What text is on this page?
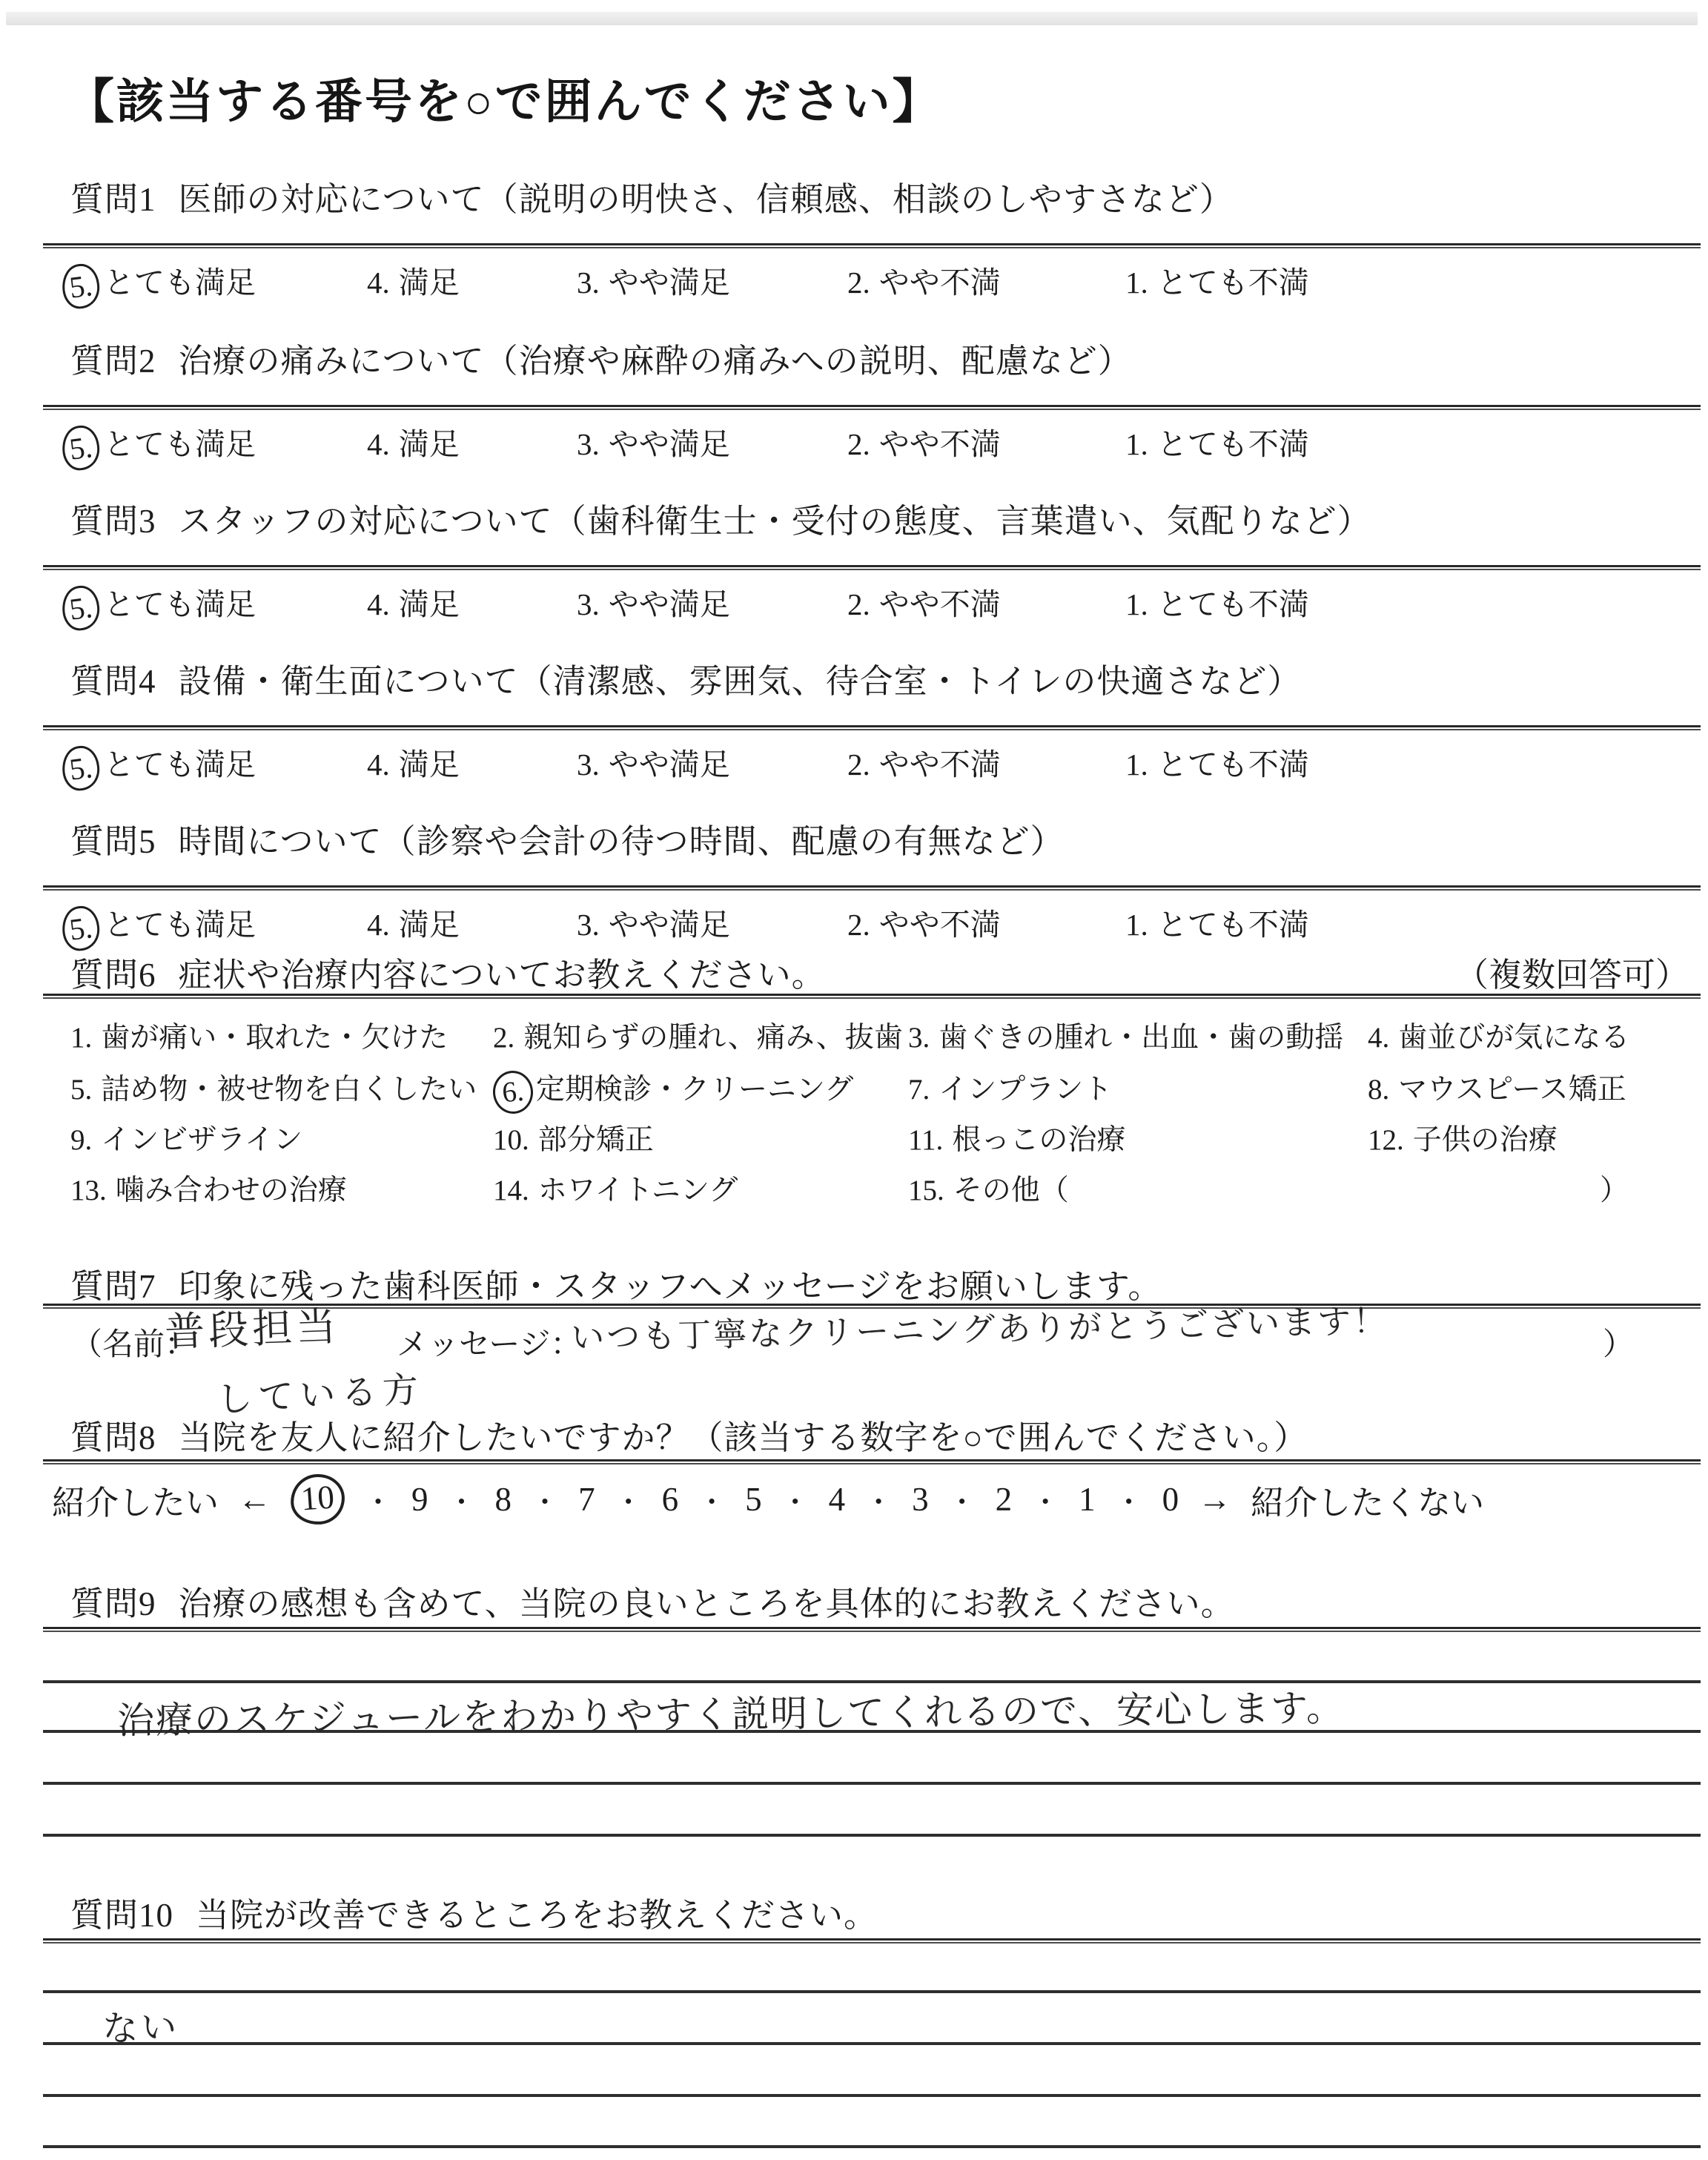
【該当する番号を○で囲んでください】
質問1 医師の対応について（説明の明快さ、信頼感、相談のしやすさなど）
5. とても満足	4. 満足	3. やや満足	2. やや不満	1. とても不満
質問2 治療の痛みについて（治療や麻酔の痛みへの説明、配慮など）
5. とても満足	4. 満足	3. やや満足	2. やや不満	1. とても不満
質問3 スタッフの対応について（歯科衛生士・受付の態度、言葉遣い、気配りなど）
5. とても満足	4. 満足	3. やや満足	2. やや不満	1. とても不満
質問4 設備・衛生面について（清潔感、雰囲気、待合室・トイレの快適さなど）
5. とても満足	4. 満足	3. やや満足	2. やや不満	1. とても不満
質問5 時間について（診察や会計の待つ時間、配慮の有無など）
5. とても満足	4. 満足	3. やや満足	2. やや不満	1. とても不満
質問6 症状や治療内容についてお教えください。	（複数回答可）
1. 歯が痛い・取れた・欠けた 2. 親知らずの腫れ、痛み、抜歯 3. 歯ぐきの腫れ・出血・歯の動揺 4. 歯並びが気になる
5. 詰め物・被せ物を白くしたい 6. 定期検診・クリーニング 7. インプラント	8. マウスピース矯正
9. インビザライン	10. 部分矯正	11. 根っこの治療	12. 子供の治療
13. 噛み合わせの治療	14. ホワイトニング	15. その他（	）
質問7 印象に残った歯科医師・スタッフへメッセージをお願いします。
（名前：	メッセージ：	）
普段担当
している方
いつも丁寧なクリーニングありがとうございます！
質問8 当院を友人に紹介したいですか？（該当する数字を○で囲んでください。）
紹介したい ← 10	・ 9 ・ 8 ・ 7 ・ 6 ・ 5 ・ 4 ・ 3 ・ 2 ・ 1 ・ 0 → 紹介したくない
質問9 治療の感想も含めて、当院の良いところを具体的にお教えください。
治療のスケジュールをわかりやすく説明してくれるので、安心します。
質問10 当院が改善できるところをお教えください。
ない
